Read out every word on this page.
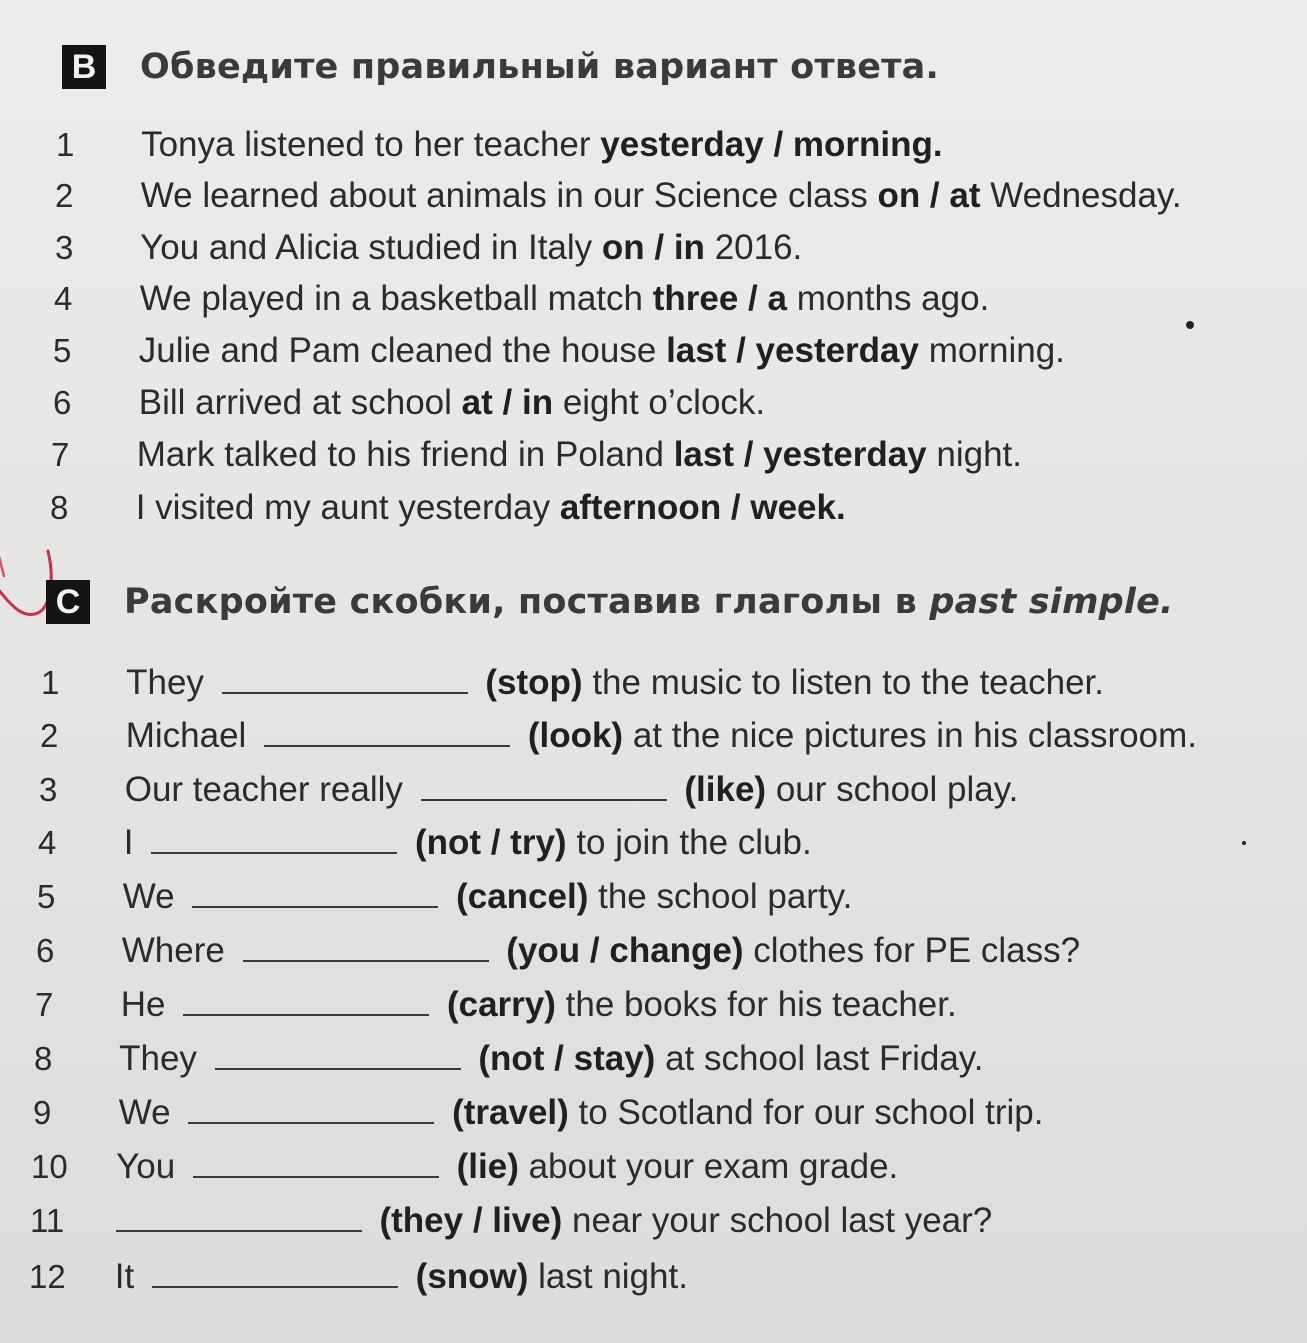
B Обведите правильный вариант ответа.
1 Tonya listened to her teacher yesterday / morning.
2 We learned about animals in our Science class on / at Wednesday.
3 You and Alicia studied in Italy on / in 2016.
4 We played in a basketball match three / a months ago.
5 Julie and Pam cleaned the house last / yesterday morning.
6 Bill arrived at school at / in eight o’clock.
7 Mark talked to his friend in Poland last / yesterday night.
8 I visited my aunt yesterday afternoon / week.
C Раскройте скобки, поставив глаголы в past simple.
1 They	(stop) the music to listen to the teacher.
2 Michael	(look) at the nice pictures in his classroom.
3 Our teacher really	(like) our school play.
4 I	(not / try) to join the club.
5 We	(cancel) the school party.
6 Where	(you / change) clothes for PE class?
7 He	(carry) the books for his teacher.
8 They	(not / stay) at school last Friday.
9 We	(travel) to Scotland for our school trip.
10 You	(lie) about your exam grade.
11	(they / live) near your school last year?
12 It	(snow) last night.
